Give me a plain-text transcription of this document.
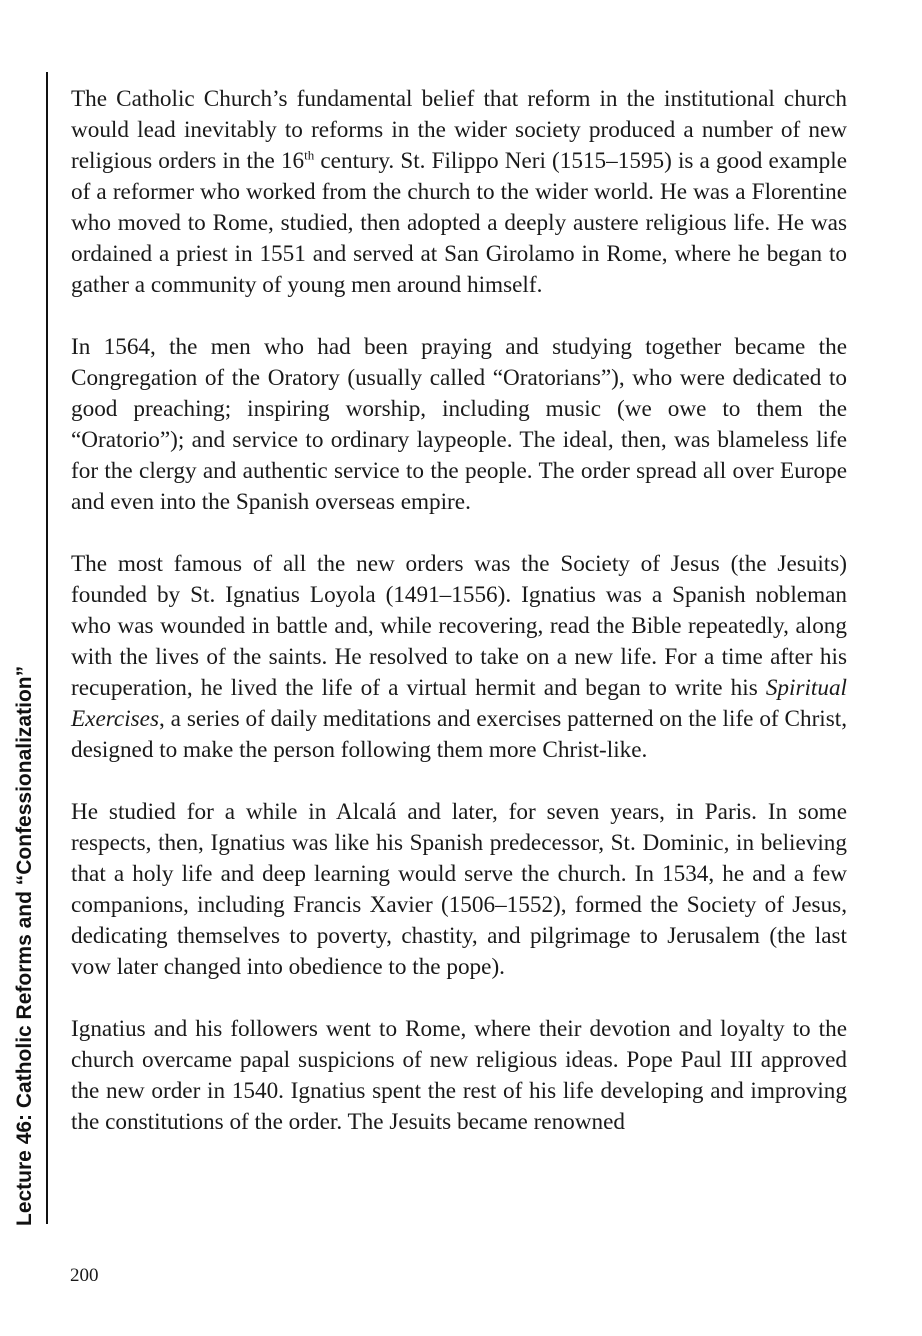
Lecture 46: Catholic Reforms and “Confessionalization”

The Catholic Church’s fundamental belief that reform in the institutional church would lead inevitably to reforms in the wider society produced a number of new religious orders in the 16th century. St. Filippo Neri (1515–1595) is a good example of a reformer who worked from the church to the wider world. He was a Florentine who moved to Rome, studied, then adopted a deeply austere religious life. He was ordained a priest in 1551 and served at San Girolamo in Rome, where he began to gather a community of young men around himself.

In 1564, the men who had been praying and studying together became the Congregation of the Oratory (usually called “Oratorians”), who were dedicated to good preaching; inspiring worship, including music (we owe to them the “Oratorio”); and service to ordinary laypeople. The ideal, then, was blameless life for the clergy and authentic service to the people. The order spread all over Europe and even into the Spanish overseas empire.

The most famous of all the new orders was the Society of Jesus (the Jesuits) founded by St. Ignatius Loyola (1491–1556). Ignatius was a Spanish nobleman who was wounded in battle and, while recovering, read the Bible repeatedly, along with the lives of the saints. He resolved to take on a new life. For a time after his recuperation, he lived the life of a virtual hermit and began to write his Spiritual Exercises, a series of daily meditations and exercises patterned on the life of Christ, designed to make the person following them more Christ-like.

He studied for a while in Alcalá and later, for seven years, in Paris. In some respects, then, Ignatius was like his Spanish predecessor, St. Dominic, in believing that a holy life and deep learning would serve the church. In 1534, he and a few companions, including Francis Xavier (1506–1552), formed the Society of Jesus, dedicating themselves to poverty, chastity, and pilgrimage to Jerusalem (the last vow later changed into obedience to the pope).

Ignatius and his followers went to Rome, where their devotion and loyalty to the church overcame papal suspicions of new religious ideas. Pope Paul III approved the new order in 1540. Ignatius spent the rest of his life developing and improving the constitutions of the order. The Jesuits became renowned

200
